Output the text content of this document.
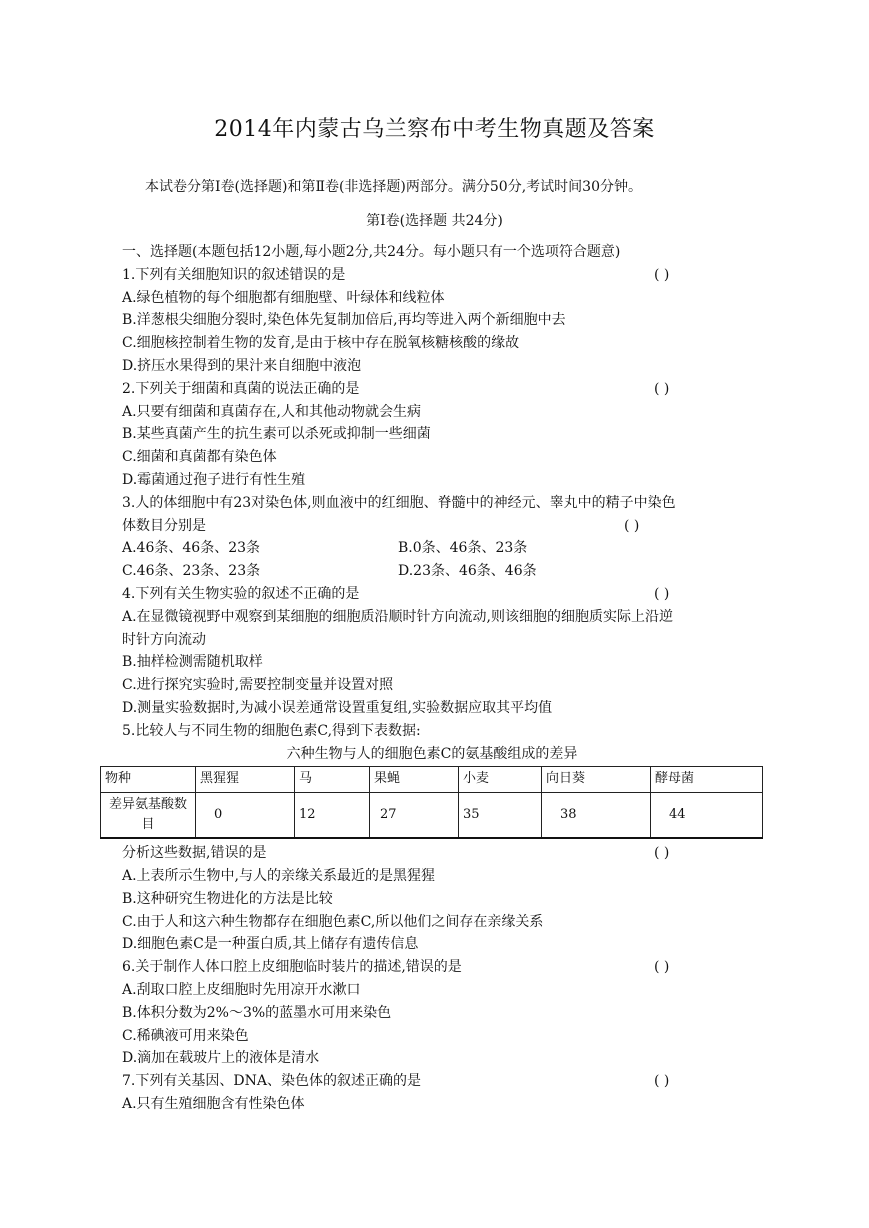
2014年内蒙古乌兰察布中考生物真题及答案
本试卷分第Ⅰ卷(选择题)和第Ⅱ卷(非选择题)两部分。满分50分,考试时间30分钟。
第Ⅰ卷(选择题 共24分)
一、选择题(本题包括12小题,每小题2分,共24分。每小题只有一个选项符合题意)
1.下列有关细胞知识的叙述错误的是	( )
A.绿色植物的每个细胞都有细胞壁、叶绿体和线粒体
B.洋葱根尖细胞分裂时,染色体先复制加倍后,再均等进入两个新细胞中去
C.细胞核控制着生物的发育,是由于核中存在脱氧核糖核酸的缘故
D.挤压水果得到的果汁来自细胞中液泡
2.下列关于细菌和真菌的说法正确的是	( )
A.只要有细菌和真菌存在,人和其他动物就会生病
B.某些真菌产生的抗生素可以杀死或抑制一些细菌
C.细菌和真菌都有染色体
D.霉菌通过孢子进行有性生殖
3.人的体细胞中有23对染色体,则血液中的红细胞、脊髓中的神经元、睾丸中的精子中染色
体数目分别是	( )
A.46条、46条、23条	B.0条、46条、23条
C.46条、23条、23条	D.23条、46条、46条
4.下列有关生物实验的叙述不正确的是	( )
A.在显微镜视野中观察到某细胞的细胞质沿顺时针方向流动,则该细胞的细胞质实际上沿逆
时针方向流动
B.抽样检测需随机取样
C.进行探究实验时,需要控制变量并设置对照
D.测量实验数据时,为减小误差通常设置重复组,实验数据应取其平均值
5.比较人与不同生物的细胞色素C,得到下表数据:
六种生物与人的细胞色素C的氨基酸组成的差异
物种	黑猩猩	马	果蝇	小麦	向日葵	酵母菌
差异氨基酸数目	0	12	27	35	38	44
分析这些数据,错误的是	( )
A.上表所示生物中,与人的亲缘关系最近的是黑猩猩
B.这种研究生物进化的方法是比较
C.由于人和这六种生物都存在细胞色素C,所以他们之间存在亲缘关系
D.细胞色素C是一种蛋白质,其上储存有遗传信息
6.关于制作人体口腔上皮细胞临时装片的描述,错误的是	( )
A.刮取口腔上皮细胞时先用凉开水漱口
B.体积分数为2%～3%的蓝墨水可用来染色
C.稀碘液可用来染色
D.滴加在载玻片上的液体是清水
7.下列有关基因、DNA、染色体的叙述正确的是	( )
A.只有生殖细胞含有性染色体
